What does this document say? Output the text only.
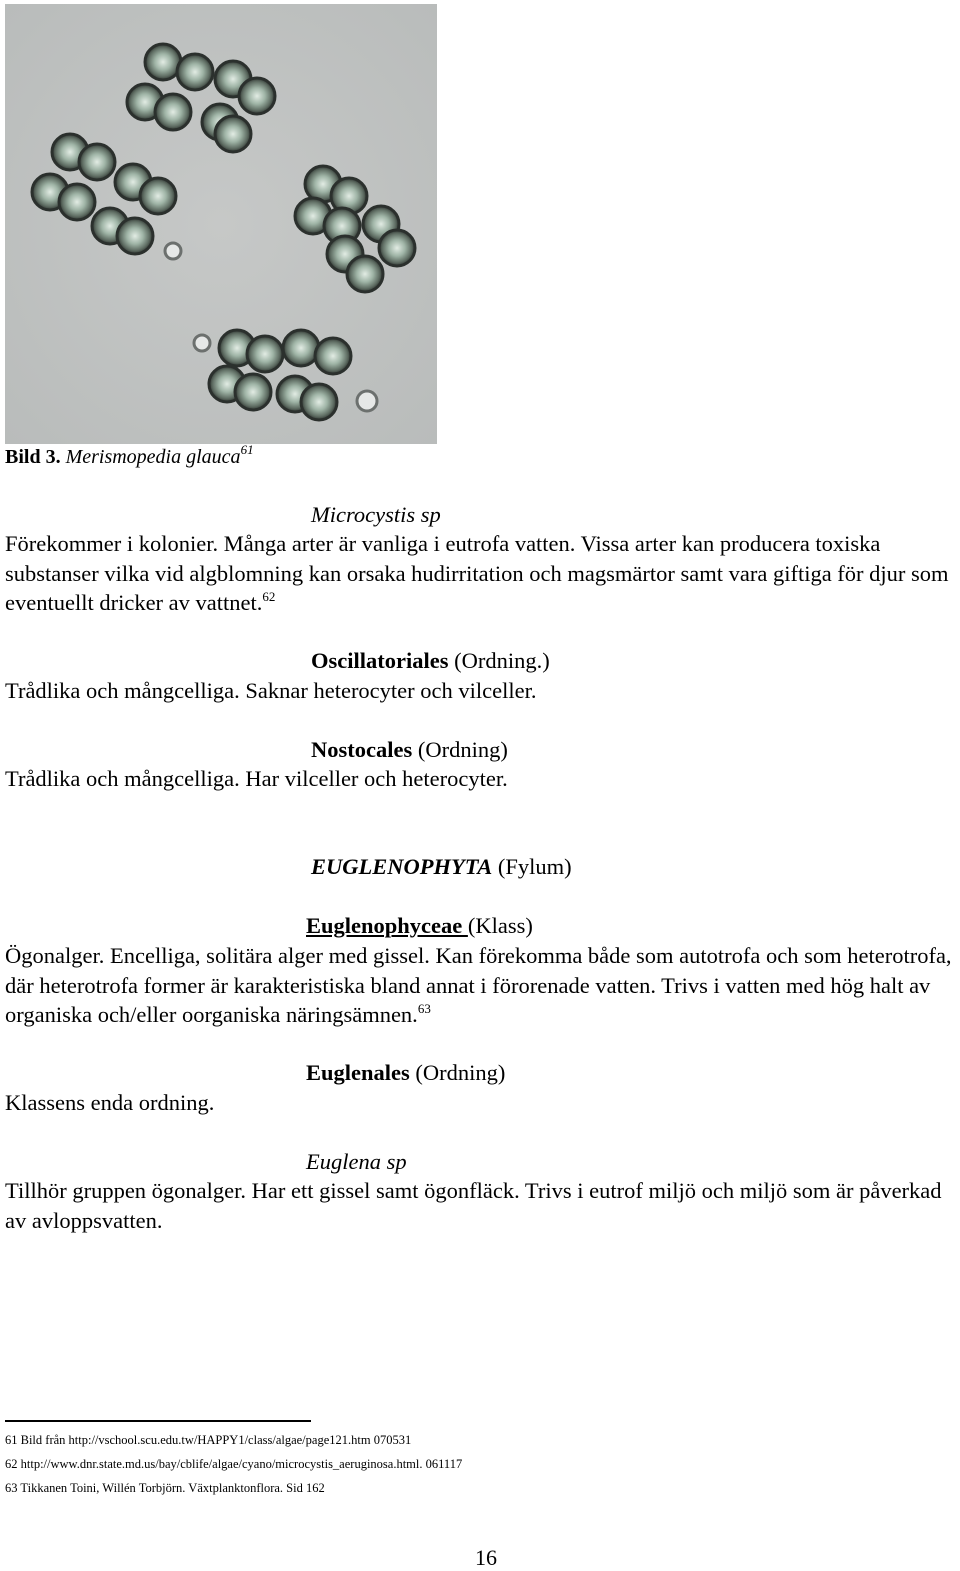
Bild 3. Merismopedia glauca$^{61}$
Microcystis sp
Förekommer i kolonier. Många arter är vanliga i eutrofa vatten. Vissa arter kan producera toxiska substanser vilka vid algblomning kan orsaka hudirritation och magsmärtor samt vara giftiga för djur som eventuellt dricker av vattnet.$^{62}$
Oscillatoriales (Ordning.)
Trådlika och mångcelliga. Saknar heterocyter och vilceller.
Nostocales (Ordning)
Trådlika och mångcelliga. Har vilceller och heterocyter.
EUGLENOPHYTA (Fylum)
Euglenophyceae (Klass)
Ögonalger. Encelliga, solitära alger med gissel. Kan förekomma både som autotrofa och som heterotrofa, där heterotrofa former är karakteristiska bland annat i förorenade vatten. Trivs i vatten med hög halt av organiska och/eller oorganiska näringsämnen.$^{63}$
Euglenales (Ordning)
Klassens enda ordning.
Euglena sp
Tillhör gruppen ögonalger. Har ett gissel samt ögonfläck. Trivs i eutrof miljö och miljö som är påverkad av avloppsvatten.
61 Bild från http://vschool.scu.edu.tw/HAPPY1/class/algae/page121.htm 070531
62 http://www.dnr.state.md.us/bay/cblife/algae/cyano/microcystis_aeruginosa.html. 061117
63 Tikkanen Toini, Willén Torbjörn. Växtplanktonflora. Sid 162
16
